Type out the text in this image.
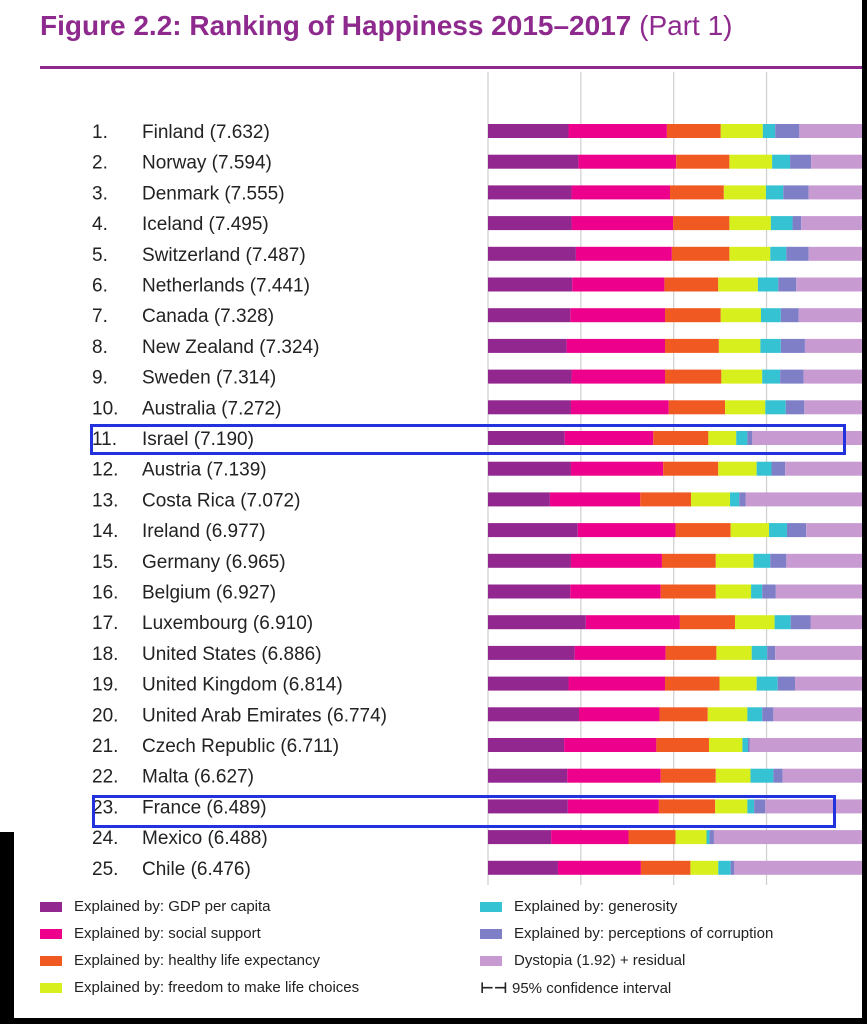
Figure 2.2: Ranking of Happiness 2015–2017 (Part 1)
1. Finland (7.632)
2. Norway (7.594)
3. Denmark (7.555)
4. Iceland (7.495)
5. Switzerland (7.487)
6. Netherlands (7.441)
7. Canada (7.328)
8. New Zealand (7.324)
9. Sweden (7.314)
10. Australia (7.272)
11. Israel (7.190)
12. Austria (7.139)
13. Costa Rica (7.072)
14. Ireland (6.977)
15. Germany (6.965)
16. Belgium (6.927)
17. Luxembourg (6.910)
18. United States (6.886)
19. United Kingdom (6.814)
20. United Arab Emirates (6.774)
21. Czech Republic (6.711)
22. Malta (6.627)
23. France (6.489)
24. Mexico (6.488)
25. Chile (6.476)
Explained by: GDP per capita
Explained by: social support
Explained by: healthy life expectancy
Explained by: freedom to make life choices
Explained by: generosity
Explained by: perceptions of corruption
Dystopia (1.92) + residual
⊢⊣ 95% confidence interval
